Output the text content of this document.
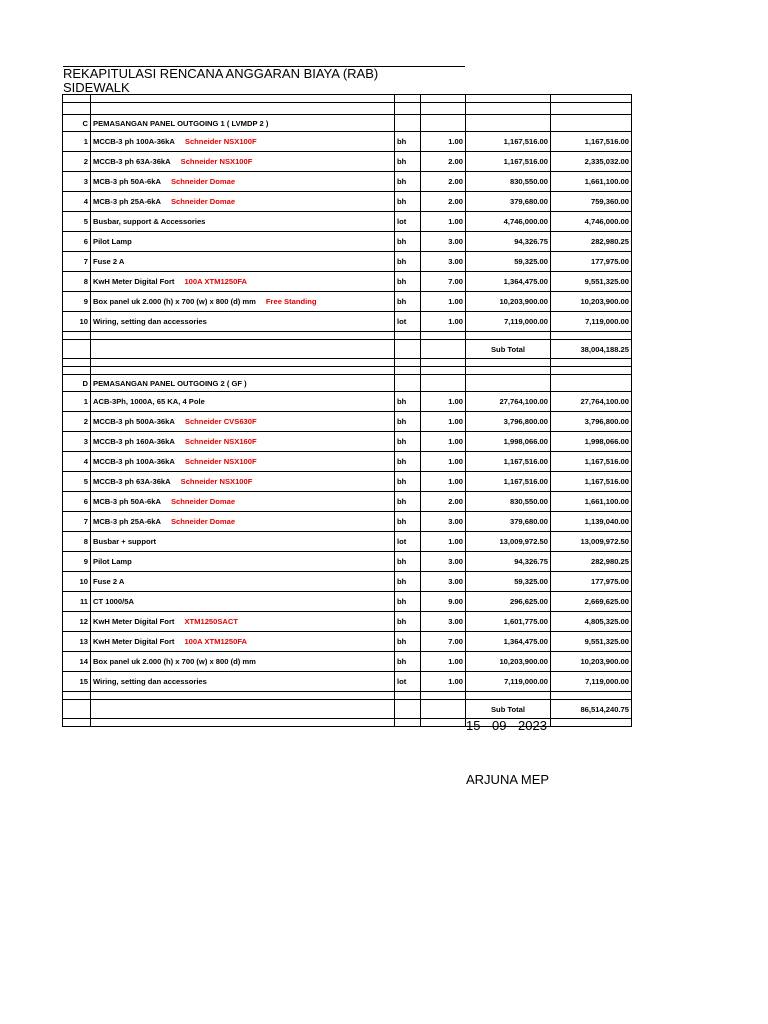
REKAPITULASI RENCANA ANGGARAN BIAYA (RAB)
SIDEWALK

C	PEMASANGAN PANEL OUTGOING 1 ( LVMDP 2 )				
1	MCCB-3 ph 100A-36kA Schneider NSX100F	bh	1.00	1,167,516.00	1,167,516.00
2	MCCB-3 ph 63A-36kA Schneider NSX100F	bh	2.00	1,167,516.00	2,335,032.00
3	MCB-3 ph 50A-6kA Schneider Domae	bh	2.00	830,550.00	1,661,100.00
4	MCB-3 ph 25A-6kA Schneider Domae	bh	2.00	379,680.00	759,360.00
5	Busbar, support & Accessories	lot	1.00	4,746,000.00	4,746,000.00
6	Pilot Lamp	bh	3.00	94,326.75	282,980.25
7	Fuse 2 A	bh	3.00	59,325.00	177,975.00
8	KwH Meter Digital Fort 100A XTM1250FA	bh	7.00	1,364,475.00	9,551,325.00
9	Box panel uk 2.000 (h) x 700 (w) x 800 (d) mm Free Standing	bh	1.00	10,203,900.00	10,203,900.00
10	Wiring, setting dan accessories	lot	1.00	7,119,000.00	7,119,000.00

				Sub Total	38,004,188.25

D	PEMASANGAN PANEL OUTGOING 2 ( GF )				
1	ACB-3Ph, 1000A, 65 KA, 4 Pole	bh	1.00	27,764,100.00	27,764,100.00
2	MCCB-3 ph 500A-36kA Schneider CVS630F	bh	1.00	3,796,800.00	3,796,800.00
3	MCCB-3 ph 160A-36kA Schneider NSX160F	bh	1.00	1,998,066.00	1,998,066.00
4	MCCB-3 ph 100A-36kA Schneider NSX100F	bh	1.00	1,167,516.00	1,167,516.00
5	MCCB-3 ph 63A-36kA Schneider NSX100F	bh	1.00	1,167,516.00	1,167,516.00
6	MCB-3 ph 50A-6kA Schneider Domae	bh	2.00	830,550.00	1,661,100.00
7	MCB-3 ph 25A-6kA Schneider Domae	bh	3.00	379,680.00	1,139,040.00
8	Busbar + support	lot	1.00	13,009,972.50	13,009,972.50
9	Pilot Lamp	bh	3.00	94,326.75	282,980.25
10	Fuse 2 A	bh	3.00	59,325.00	177,975.00
11	CT 1000/5A	bh	9.00	296,625.00	2,669,625.00
12	KwH Meter Digital Fort XTM1250SACT	bh	3.00	1,601,775.00	4,805,325.00
13	KwH Meter Digital Fort 100A XTM1250FA	bh	7.00	1,364,475.00	9,551,325.00
14	Box panel uk 2.000 (h) x 700 (w) x 800 (d) mm	bh	1.00	10,203,900.00	10,203,900.00
15	Wiring, setting dan accessories	lot	1.00	7,119,000.00	7,119,000.00

				Sub Total	86,514,240.75

15 - 09 - 2023
ARJUNA MEP
